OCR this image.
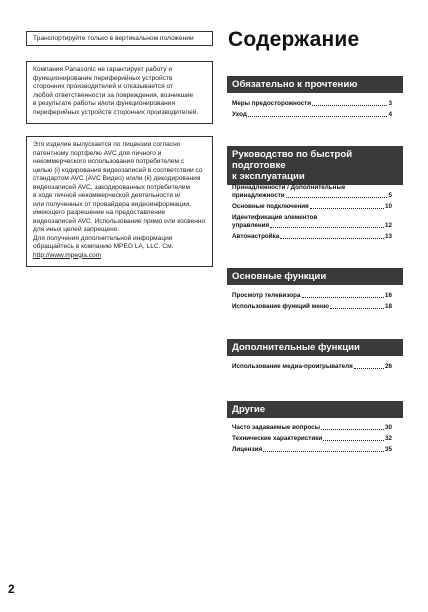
Транспортируйте только в вертикальном положении
Компания Panasonic не гарантирует работу и
функционирование периферийных устройств
сторонних производителей и отказывается от
любой ответственности за повреждения, возникшие
в результате работы и/или функционирования
периферийных устройств сторонних производителей.
Это изделие выпускается по лицензии согласно
патентному портфелю AVC для личного и
некоммерческого использования потребителем с
целью (i) кодирования видеозаписей в соответствии со
стандартом AVC (AVC Видео) и/или (ii) декодирования
видеозаписей AVC, закодированных потребителем
в ходе личной некоммерческой деятельности и/
или полученных от провайдера видеоинформации,
имеющего разрешение на предоставление
видеозаписей AVC. Использование прямо или косвенно
для иных целей запрещено.
Для получения дополнительной информации
обращайтесь в компанию MPEG LA, LLC. См.
http://www.mpegla.com
Содержание
Обязательно к прочтению
Меры предосторожности	3
Уход	4
Руководство по быстрой подготовке
к эксплуатации
Принадлежности / Дополнительные
принадлежности	5
Основные подключения	10
Идентификация элементов
управления	12
Автонастройка	13
Основные функции
Просмотр телевизора	16
Использование функций меню	18
Дополнительные функции
Использование медиа-проигрывателя	26
Другие
Часто задаваемые вопросы	30
Технические характеристики	32
Лицензия	35
2
